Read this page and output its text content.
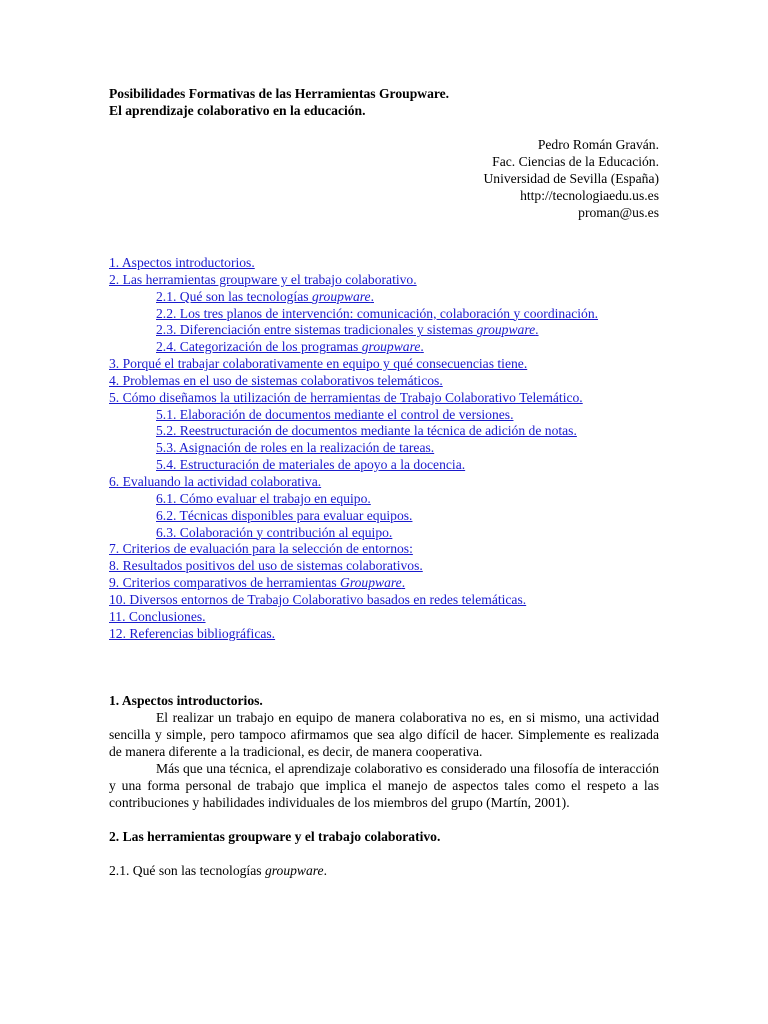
Posibilidades Formativas de las Herramientas Groupware.
El aprendizaje colaborativo en la educación.
Pedro Román Graván.
Fac. Ciencias de la Educación.
Universidad de Sevilla (España)
http://tecnologiaedu.us.es
proman@us.es
1. Aspectos introductorios.
2. Las herramientas groupware y el trabajo colaborativo.
2.1. Qué son las tecnologías groupware.
2.2. Los tres planos de intervención: comunicación, colaboración y coordinación.
2.3. Diferenciación entre sistemas tradicionales y sistemas groupware.
2.4. Categorización de los programas groupware.
3. Porqué el trabajar colaborativamente en equipo y qué consecuencias tiene.
4. Problemas en el uso de sistemas colaborativos telemáticos.
5. Cómo diseñamos la utilización de herramientas de Trabajo Colaborativo Telemático.
5.1. Elaboración de documentos mediante el control de versiones.
5.2. Reestructuración de documentos mediante la técnica de adición de notas.
5.3. Asignación de roles en la realización de tareas.
5.4. Estructuración de materiales de apoyo a la docencia.
6. Evaluando la actividad colaborativa.
6.1. Cómo evaluar el trabajo en equipo.
6.2. Técnicas disponibles para evaluar equipos.
6.3. Colaboración y contribución al equipo.
7. Criterios de evaluación para la selección de entornos:
8. Resultados positivos del uso de sistemas colaborativos.
9. Criterios comparativos de herramientas Groupware.
10. Diversos entornos de Trabajo Colaborativo basados en redes telemáticas.
11. Conclusiones.
12. Referencias bibliográficas.
1. Aspectos introductorios.

El realizar un trabajo en equipo de manera colaborativa no es, en si mismo, una actividad sencilla y simple, pero tampoco afirmamos que sea algo difícil de hacer. Simplemente es realizada de manera diferente a la tradicional, es decir, de manera cooperativa.

Más que una técnica, el aprendizaje colaborativo es considerado una filosofía de interacción y una forma personal de trabajo que implica el manejo de aspectos tales como el respeto a las contribuciones y habilidades individuales de los miembros del grupo (Martín, 2001).

2. Las herramientas groupware y el trabajo colaborativo.
2.1. Qué son las tecnologías groupware.
